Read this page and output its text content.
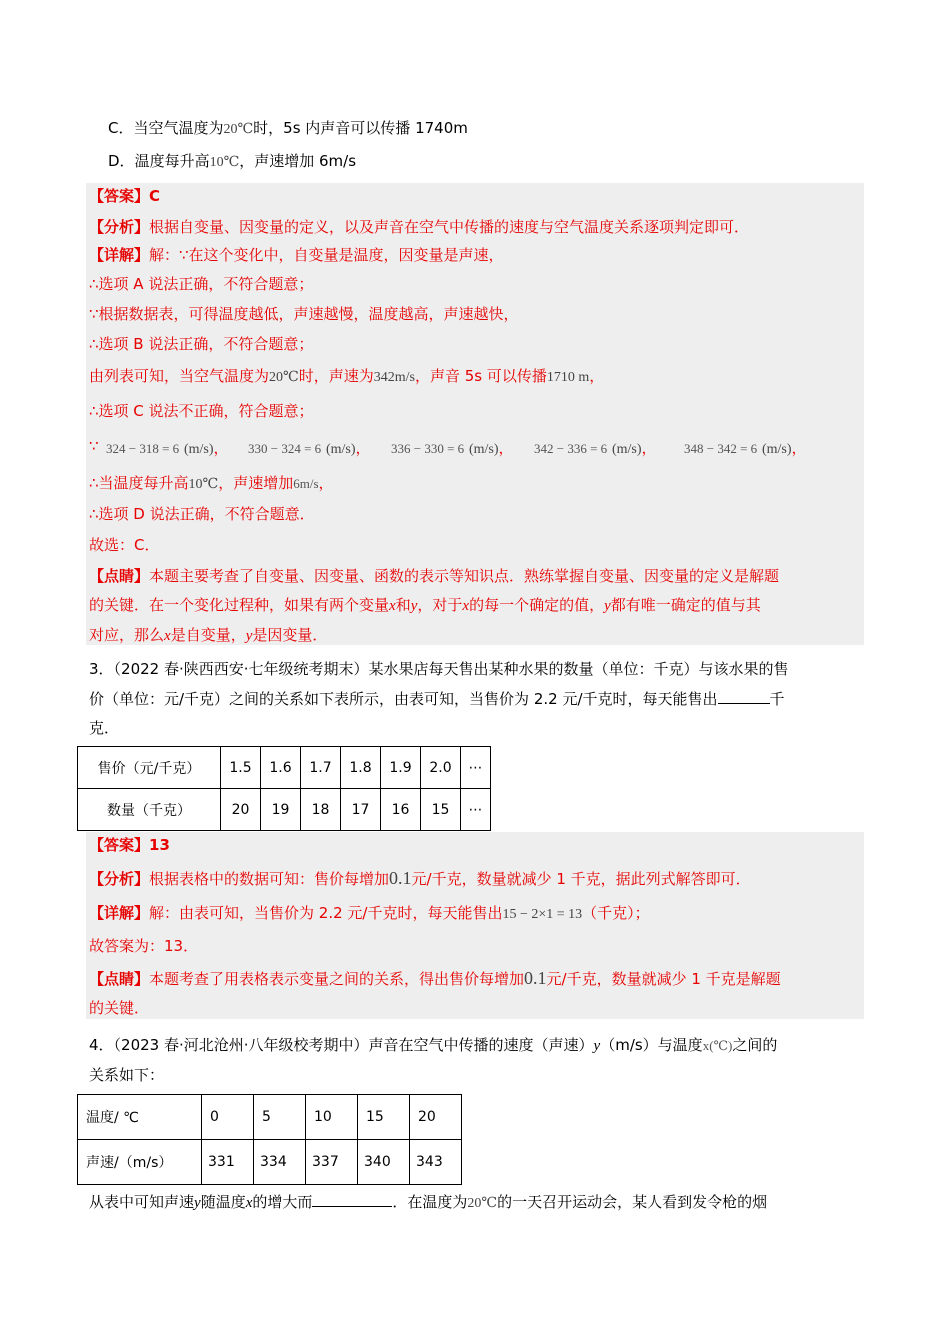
C．当空气温度为20℃时，5s 内声音可以传播 1740m
D．温度每升高10℃，声速增加 6m/s
【答案】C
【分析】根据自变量、因变量的定义，以及声音在空气中传播的速度与空气温度关系逐项判定即可．
【详解】解：∵在这个变化中，自变量是温度，因变量是声速，
∴选项 A 说法正确，不符合题意；
∵根据数据表，可得温度越低，声速越慢，温度越高，声速越快，
∴选项 B 说法正确，不符合题意；
由列表可知，当空气温度为20℃时，声速为342m/s，声音 5s 可以传播1710 m，
∴选项 C 说法不正确，符合题意；
∵ 324 − 318 = 6 (m/s)， 330 − 324 = 6 (m/s)， 336 − 330 = 6 (m/s)， 342 − 336 = 6 (m/s)， 348 − 342 = 6 (m/s)，
∴当温度每升高10℃，声速增加6m/s，
∴选项 D 说法正确，不符合题意．
故选：C．
【点睛】本题主要考查了自变量、因变量、函数的表示等知识点．熟练掌握自变量、因变量的定义是解题
的关键．在一个变化过程种，如果有两个变量x和y，对于x的每一个确定的值，y都有唯一确定的值与其
对应，那么x是自变量，y是因变量．
3．（2022 春·陕西西安·七年级统考期末）某水果店每天售出某种水果的数量（单位：千克）与该水果的售
价（单位：元/千克）之间的关系如下表所示，由表可知，当售价为 2.2 元/千克时，每天能售出	千
克．
售价（元/千克）	1.5	1.6	1.7	1.8	1.9	2.0	⋯
数量（千克）	20	19	18	17	16	15	⋯
【答案】13
【分析】根据表格中的数据可知：售价每增加0.1元/千克，数量就减少 1 千克，据此列式解答即可．
【详解】解：由表可知，当售价为 2.2 元/千克时，每天能售出15 − 2×1 = 13（千克）；
故答案为：13．
【点睛】本题考查了用表格表示变量之间的关系，得出售价每增加0.1元/千克，数量就减少 1 千克是解题
的关键．
4．（2023 春·河北沧州·八年级校考期中）声音在空气中传播的速度（声速）y（m/s）与温度x(℃)之间的
关系如下：
温度/ ℃	0	5	10	15	20
声速/（m/s）	331	334	337	340	343
从表中可知声速y随温度x的增大而	．在温度为20℃的一天召开运动会，某人看到发令枪的烟
